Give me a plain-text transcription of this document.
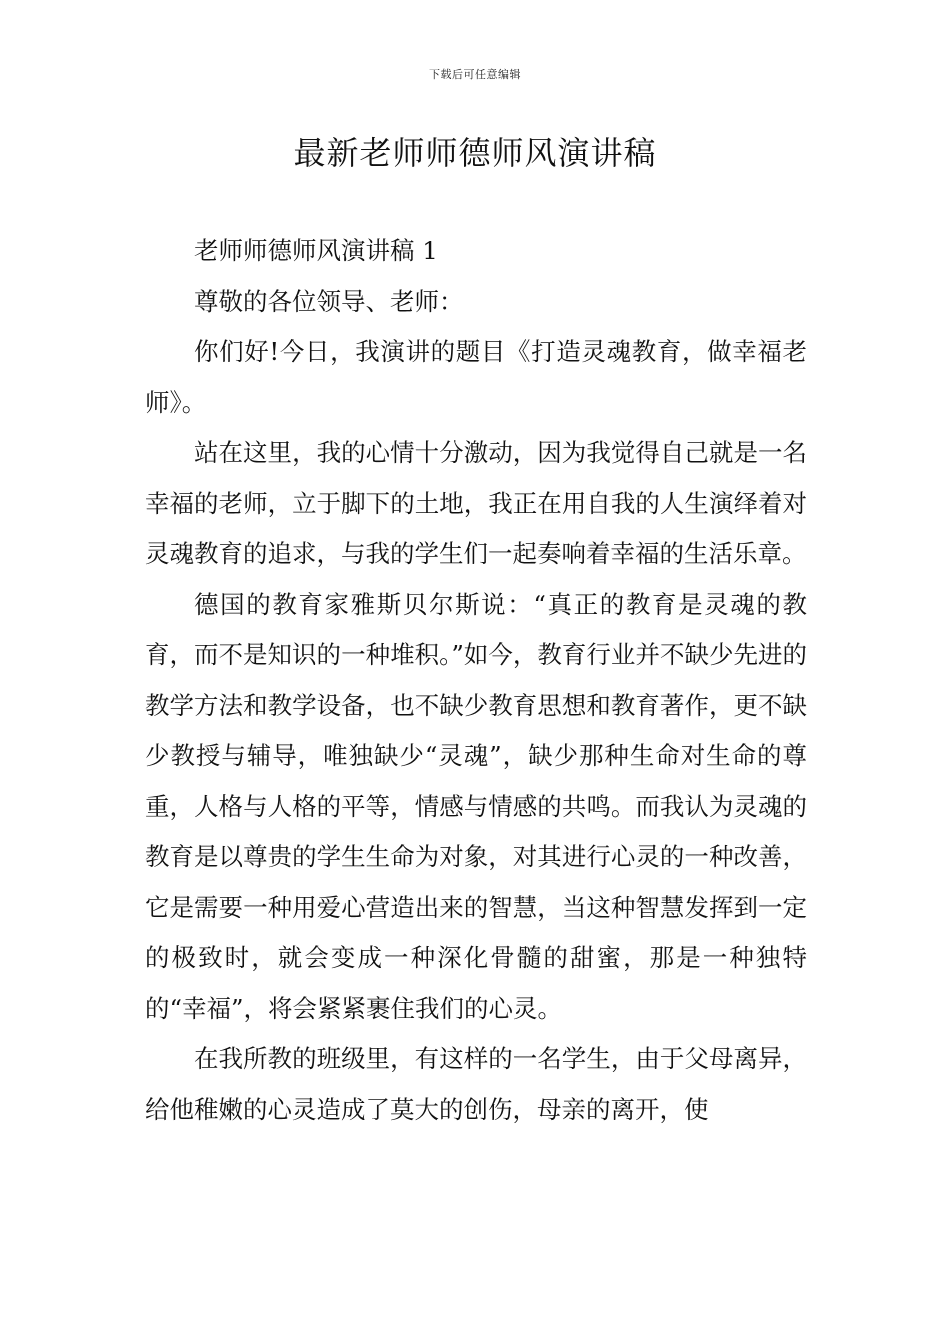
下载后可任意编辑
最新老师师德师风演讲稿

老师师德师风演讲稿 1

尊敬的各位领导、老师：

你们好!今日，我演讲的题目《打造灵魂教育，做幸福老师》。

站在这里，我的心情十分激动，因为我觉得自己就是一名幸福的老师，立于脚下的土地，我正在用自我的人生演绎着对灵魂教育的追求，与我的学生们一起奏响着幸福的生活乐章。

德国的教育家雅斯贝尔斯说：“真正的教育是灵魂的教育，而不是知识的一种堆积。”如今，教育行业并不缺少先进的教学方法和教学设备，也不缺少教育思想和教育著作，更不缺少教授与辅导，唯独缺少“灵魂”，缺少那种生命对生命的尊重，人格与人格的平等，情感与情感的共鸣。而我认为灵魂的教育是以尊贵的学生生命为对象，对其进行心灵的一种改善，它是需要一种用爱心营造出来的智慧，当这种智慧发挥到一定的极致时，就会变成一种深化骨髓的甜蜜，那是一种独特的“幸福”，将会紧紧裹住我们的心灵。

在我所教的班级里，有这样的一名学生，由于父母离异，给他稚嫩的心灵造成了莫大的创伤，母亲的离开，使
